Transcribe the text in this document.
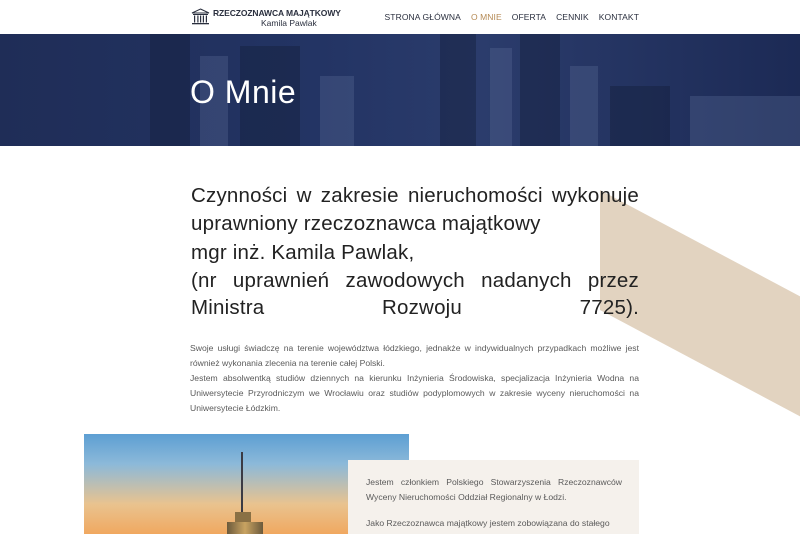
RZECZOZNAWCA MAJĄTKOWY
Kamila Pawlak
STRONA GŁÓWNA O MNIE OFERTA CENNIK KONTAKT
O Mnie

Czynności w zakresie nieruchomości wykonuje uprawniony rzeczoznawca majątkowy

mgr inż. Kamila Pawlak,

(nr uprawnień zawodowych nadanych przez Ministra Rozwoju 7725).

Swoje usługi świadczę na terenie województwa łódzkiego, jednakże w indywidualnych przypadkach możliwe jest również wykonania zlecenia na terenie całej Polski.

Jestem absolwentką studiów dziennych na kierunku Inżynieria Środowiska, specjalizacja Inżynieria Wodna na Uniwersytecie Przyrodniczym we Wrocławiu oraz studiów podyplomowych w zakresie wyceny nieruchomości na Uniwersytecie Łódzkim.

Jestem członkiem Polskiego Stowarzyszenia Rzeczoznawców

Wyceny Nieruchomości Oddział Regionalny w Łodzi.

Jako Rzeczoznawca majątkowy jestem zobowiązana do stałego
